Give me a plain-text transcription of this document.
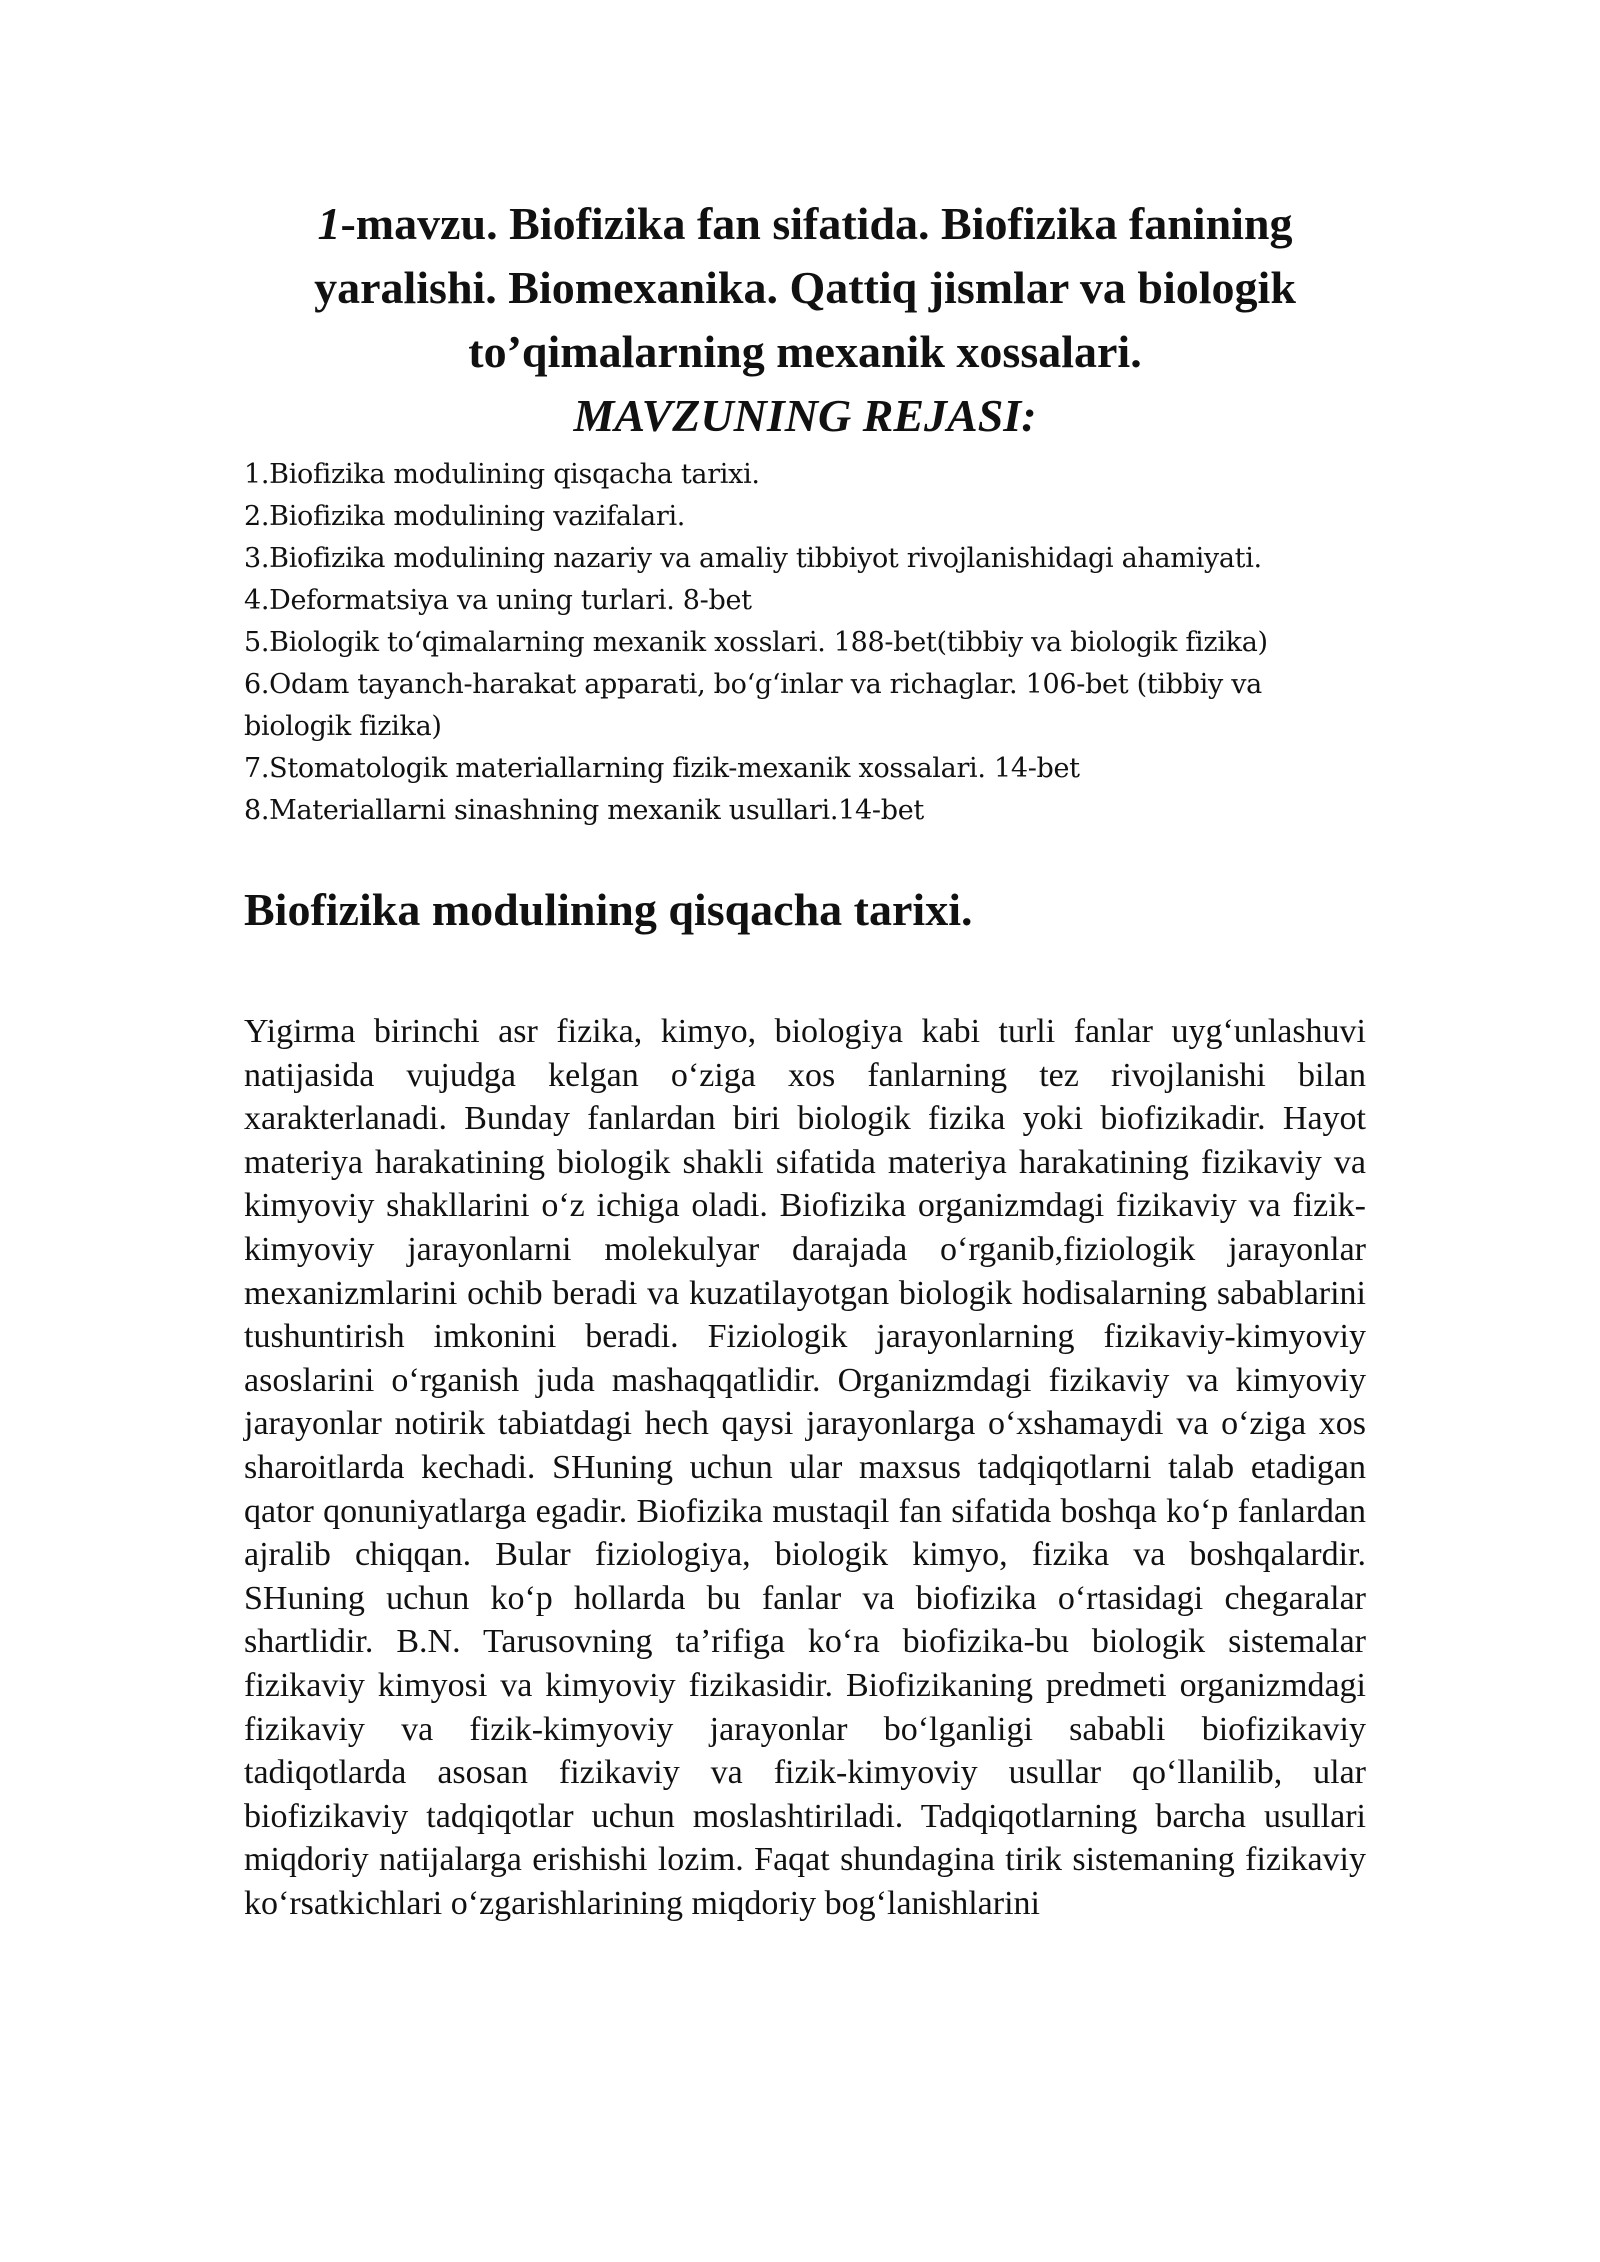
1-mavzu. Biofizika fan sifatida. Biofizika fanining yaralishi. Biomexanika. Qattiq jismlar va biologik to’qimalarning mexanik xossalari.
MAVZUNING REJASI:
1.Biofizika modulining qisqacha tarixi.
2.Biofizika modulining vazifalari.
3.Biofizika modulining nazariy va amaliy tibbiyot rivojlanishidagi ahamiyati.
4.Deformatsiya va uning turlari. 8-bet
5.Biologik to‘qimalarning mexanik xosslari. 188-bet(tibbiy va biologik fizika)
6.Odam tayanch-harakat apparati, bo‘g‘inlar va richaglar. 106-bet (tibbiy va biologik fizika)
7.Stomatologik materiallarning fizik-mexanik xossalari. 14-bet
8.Materiallarni sinashning mexanik usullari.14-bet
Biofizika modulining qisqacha tarixi.

Yigirma birinchi asr fizika, kimyo, biologiya kabi turli fanlar uyg‘unlashuvi natijasida vujudga kelgan o‘ziga xos fanlarning tez rivojlanishi bilan xarakterlanadi. Bunday fanlardan biri biologik fizika yoki biofizikadir. Hayot materiya harakatining biologik shakli sifatida materiya harakatining fizikaviy va kimyoviy shakllarini o‘z ichiga oladi. Biofizika organizmdagi fizikaviy va fizik-kimyoviy jarayonlarni molekulyar darajada o‘rganib,fiziologik jarayonlar mexanizmlarini ochib beradi va kuzatilayotgan biologik hodisalarning sabablarini tushuntirish imkonini beradi. Fiziologik jarayonlarning fizikaviy-kimyoviy asoslarini o‘rganish juda mashaqqatlidir. Organizmdagi fizikaviy va kimyoviy jarayonlar notirik tabiatdagi hech qaysi jarayonlarga o‘xshamaydi va o‘ziga xos sharoitlarda kechadi. SHuning uchun ular maxsus tadqiqotlarni talab etadigan qator qonuniyatlarga egadir. Biofizika mustaqil fan sifatida boshqa ko‘p fanlardan ajralib chiqqan. Bular fiziologiya, biologik kimyo, fizika va boshqalardir. SHuning uchun ko‘p hollarda bu fanlar va biofizika o‘rtasidagi chegaralar shartlidir. B.N. Tarusovning ta’rifiga ko‘ra biofizika-bu biologik sistemalar fizikaviy kimyosi va kimyoviy fizikasidir. Biofizikaning predmeti organizmdagi fizikaviy va fizik-kimyoviy jarayonlar bo‘lganligi sababli biofizikaviy tadiqotlarda asosan fizikaviy va fizik-kimyoviy usullar qo‘llanilib, ular biofizikaviy tadqiqotlar uchun moslashtiriladi. Tadqiqotlarning barcha usullari miqdoriy natijalarga erishishi lozim. Faqat shundagina tirik sistemaning fizikaviy ko‘rsatkichlari o‘zgarishlarining miqdoriy bog‘lanishlarini
